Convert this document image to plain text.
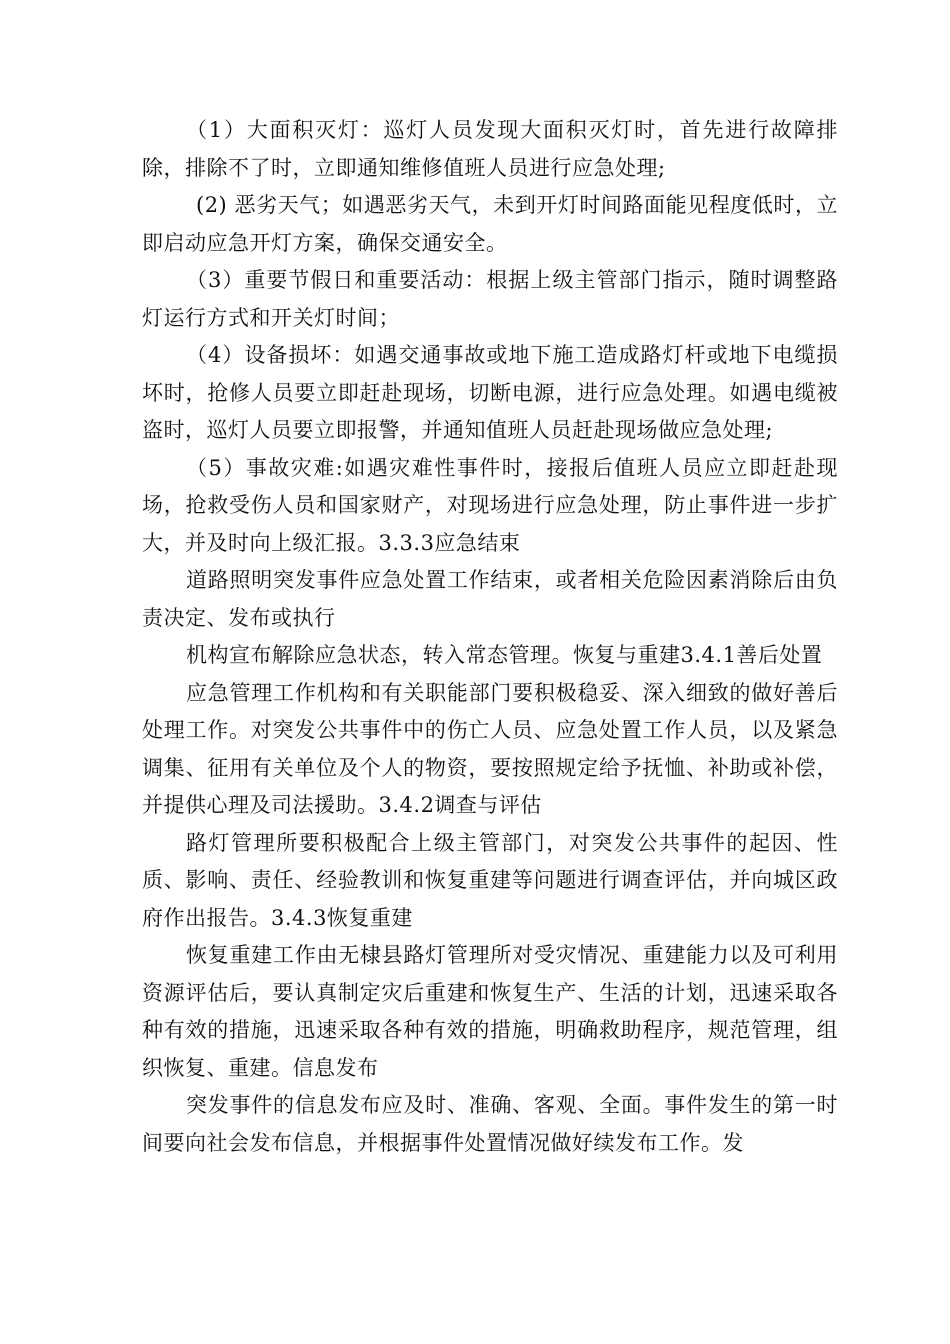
（1）大面积灭灯：巡灯人员发现大面积灭灯时，首先进行故障排除，排除不了时，立即通知维修值班人员进行应急处理;

(2) 恶劣天气；如遇恶劣天气，未到开灯时间路面能见程度低时，立即启动应急开灯方案，确保交通安全。

（3）重要节假日和重要活动：根据上级主管部门指示，随时调整路灯运行方式和开关灯时间；

（4）设备损坏：如遇交通事故或地下施工造成路灯杆或地下电缆损坏时，抢修人员要立即赶赴现场，切断电源，进行应急处理。如遇电缆被盗时，巡灯人员要立即报警，并通知值班人员赶赴现场做应急处理;

（5）事故灾难:如遇灾难性事件时，接报后值班人员应立即赶赴现场，抢救受伤人员和国家财产，对现场进行应急处理，防止事件进一步扩大，并及时向上级汇报。3.3.3应急结束

道路照明突发事件应急处置工作结束，或者相关危险因素消除后由负责决定、发布或执行

机构宣布解除应急状态，转入常态管理。恢复与重建3.4.1善后处置

应急管理工作机构和有关职能部门要积极稳妥、深入细致的做好善后处理工作。对突发公共事件中的伤亡人员、应急处置工作人员，以及紧急调集、征用有关单位及个人的物资，要按照规定给予抚恤、补助或补偿，并提供心理及司法援助。3.4.2调查与评估

路灯管理所要积极配合上级主管部门，对突发公共事件的起因、性质、影响、责任、经验教训和恢复重建等问题进行调查评估，并向城区政府作出报告。3.4.3恢复重建

恢复重建工作由无棣县路灯管理所对受灾情况、重建能力以及可利用资源评估后，要认真制定灾后重建和恢复生产、生活的计划，迅速采取各种有效的措施，迅速采取各种有效的措施，明确救助程序，规范管理，组织恢复、重建。信息发布

突发事件的信息发布应及时、准确、客观、全面。事件发生的第一时间要向社会发布信息，并根据事件处置情况做好续发布工作。发
